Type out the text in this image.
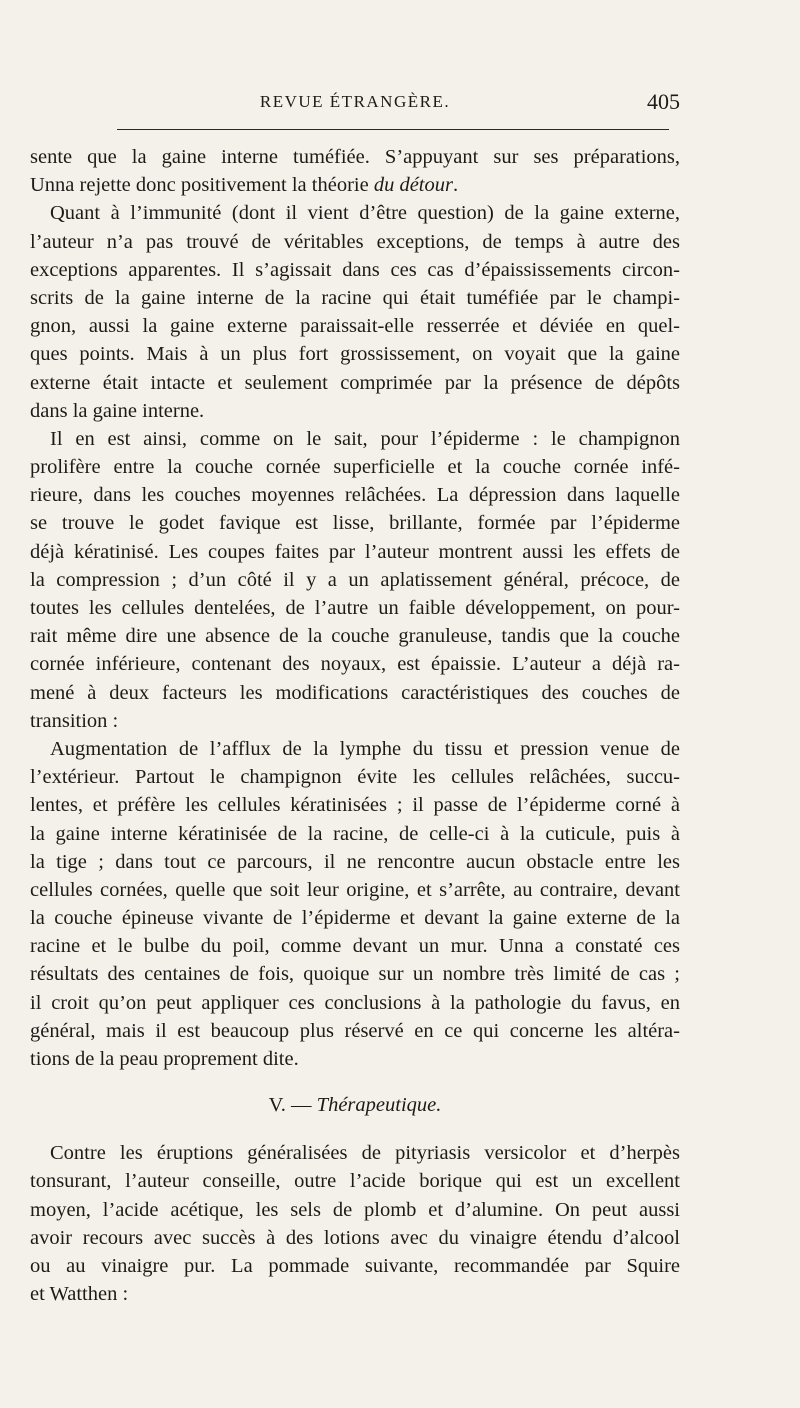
REVUE ÉTRANGÈRE.	405
sente que la gaine interne tuméfiée. S’appuyant sur ses préparations,
Unna rejette donc positivement la théorie du détour.
Quant à l’immunité (dont il vient d’être question) de la gaine externe,
l’auteur n’a pas trouvé de véritables exceptions, de temps à autre des
exceptions apparentes. Il s’agissait dans ces cas d’épaississements circon-
scrits de la gaine interne de la racine qui était tuméfiée par le champi-
gnon, aussi la gaine externe paraissait-elle resserrée et déviée en quel-
ques points. Mais à un plus fort grossissement, on voyait que la gaine
externe était intacte et seulement comprimée par la présence de dépôts
dans la gaine interne.
Il en est ainsi, comme on le sait, pour l’épiderme : le champignon
prolifère entre la couche cornée superficielle et la couche cornée infé-
rieure, dans les couches moyennes relâchées. La dépression dans laquelle
se trouve le godet favique est lisse, brillante, formée par l’épiderme
déjà kératinisé. Les coupes faites par l’auteur montrent aussi les effets de
la compression ; d’un côté il y a un aplatissement général, précoce, de
toutes les cellules dentelées, de l’autre un faible développement, on pour-
rait même dire une absence de la couche granuleuse, tandis que la couche
cornée inférieure, contenant des noyaux, est épaissie. L’auteur a déjà ra-
mené à deux facteurs les modifications caractéristiques des couches de
transition :
Augmentation de l’afflux de la lymphe du tissu et pression venue de
l’extérieur. Partout le champignon évite les cellules relâchées, succu-
lentes, et préfère les cellules kératinisées ; il passe de l’épiderme corné à
la gaine interne kératinisée de la racine, de celle-ci à la cuticule, puis à
la tige ; dans tout ce parcours, il ne rencontre aucun obstacle entre les
cellules cornées, quelle que soit leur origine, et s’arrête, au contraire, devant
la couche épineuse vivante de l’épiderme et devant la gaine externe de la
racine et le bulbe du poil, comme devant un mur. Unna a constaté ces
résultats des centaines de fois, quoique sur un nombre très limité de cas ;
il croit qu’on peut appliquer ces conclusions à la pathologie du favus, en
général, mais il est beaucoup plus réservé en ce qui concerne les altéra-
tions de la peau proprement dite.
V. — Thérapeutique.
Contre les éruptions généralisées de pityriasis versicolor et d’herpès
tonsurant, l’auteur conseille, outre l’acide borique qui est un excellent
moyen, l’acide acétique, les sels de plomb et d’alumine. On peut aussi
avoir recours avec succès à des lotions avec du vinaigre étendu d’alcool
ou au vinaigre pur. La pommade suivante, recommandée par Squire
et Watthen :
